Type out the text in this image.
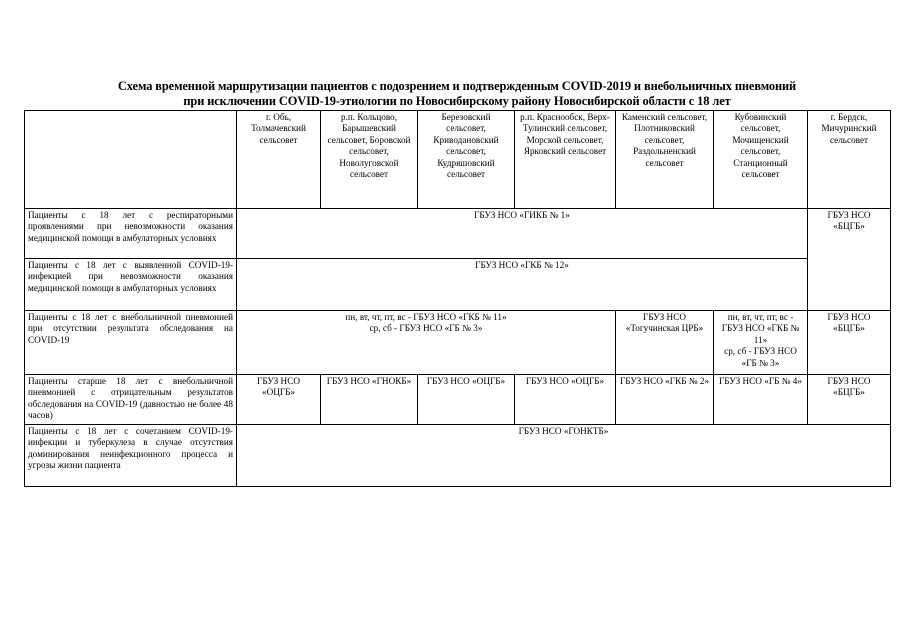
Схема временной маршрутизации пациентов с подозрением и подтвержденным COVID-2019 и внебольничных пневмоний
при исключении COVID-19-этиологии по Новосибирскому району Новосибирской области с 18 лет
	г. Обь, Толмачевский сельсовет	р.п. Кольцово, Барышевский сельсовет, Боровской сельсовет, Новолуговской сельсовет	Березовский сельсовет, Криводановский сельсовет, Кудряшовский сельсовет	р.п. Краснообск, Верх-Тулинский сельсовет, Морской сельсовет, Ярковский сельсовет	Каменский сельсовет, Плотниковский сельсовет, Раздольненский сельсовет	Кубовинский сельсовет, Мочищенский сельсовет, Станционный сельсовет	г. Бердск, Мичуринский сельсовет
Пациенты с 18 лет с респираторными проявлениями при невозможности оказания медицинской помощи в амбулаторных условиях	ГБУЗ НСО «ГИКБ № 1»						ГБУЗ НСО «БЦГБ»
Пациенты с 18 лет с выявленной COVID-19-инфекцией при невозможности оказания медицинской помощи в амбулаторных условиях	ГБУЗ НСО «ГКБ № 12»						
Пациенты с 18 лет с внебольничной пневмонией при отсутствии результата обследования на COVID-19	пн, вт, чт, пт, вс - ГБУЗ НСО «ГКБ № 11»
ср, сб - ГБУЗ НСО «ГБ № 3»				ГБУЗ НСО «Тогучинская ЦРБ»	пн, вт, чт, пт, вс - ГБУЗ НСО «ГКБ № 11»
ср, сб - ГБУЗ НСО «ГБ № 3»	ГБУЗ НСО «БЦГБ»
Пациенты старше 18 лет с внебольничной пневмонией с отрицательным результатов обследования на COVID-19 (давностью не более 48 часов)	ГБУЗ НСО «ОЦГБ»	ГБУЗ НСО «ГНОКБ»	ГБУЗ НСО «ОЦГБ»	ГБУЗ НСО «ОЦГБ»	ГБУЗ НСО «ГКБ № 2»	ГБУЗ НСО «ГБ № 4»	ГБУЗ НСО «БЦГБ»
Пациенты с 18 лет с сочетанием COVID-19-инфекции и туберкулеза в случае отсутствия доминирования неинфекционного процесса и угрозы жизни пациента	ГБУЗ НСО «ГОНКТБ»						
